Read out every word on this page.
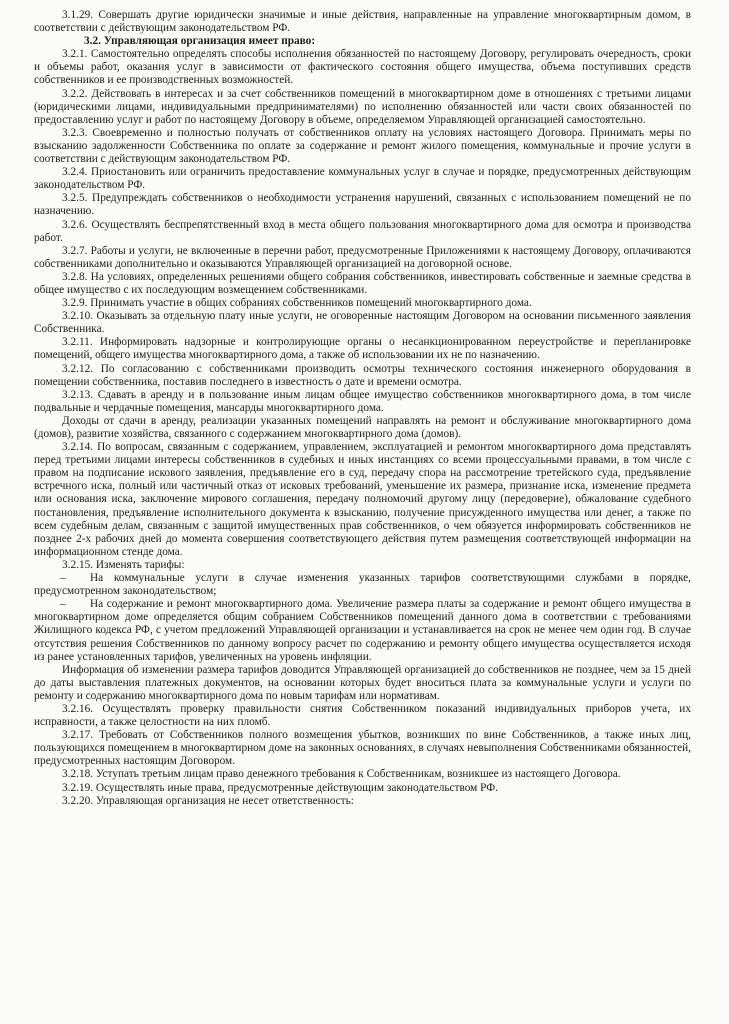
3.1.29. Совершать другие юридически значимые и иные действия, направленные на управление многоквартирным домом, в соответствии с действующим законодательством РФ.

3.2. Управляющая организация имеет право:

3.2.1. Самостоятельно определять способы исполнения обязанностей по настоящему Договору, регулировать очередность, сроки и объемы работ, оказания услуг в зависимости от фактического состояния общего имущества, объема поступивших средств собственников и ее производственных возможностей.

3.2.2. Действовать в интересах и за счет собственников помещений в многоквартирном доме в отношениях с третьими лицами (юридическими лицами, индивидуальными предпринимателями) по исполнению обязанностей или части своих обязанностей по предоставлению услуг и работ по настоящему Договору в объеме, определяемом Управляющей организацией самостоятельно.

3.2.3. Своевременно и полностью получать от собственников оплату на условиях настоящего Договора. Принимать меры по взысканию задолженности Собственника по оплате за содержание и ремонт жилого помещения, коммунальные и прочие услуги в соответствии с действующим законодательством РФ.

3.2.4. Приостановить или ограничить предоставление коммунальных услуг в случае и порядке, предусмотренных действующим законодательством РФ.

3.2.5. Предупреждать собственников о необходимости устранения нарушений, связанных с использованием помещений не по назначению.

3.2.6. Осуществлять беспрепятственный вход в места общего пользования многоквартирного дома для осмотра и производства работ.

3.2.7. Работы и услуги, не включенные в перечни работ, предусмотренные Приложениями к настоящему Договору, оплачиваются собственниками дополнительно и оказываются Управляющей организацией на договорной основе.

3.2.8. На условиях, определенных решениями общего собрания собственников, инвестировать собственные и заемные средства в общее имущество с их последующим возмещением собственниками.

3.2.9. Принимать участие в общих собраниях собственников помещений многоквартирного дома.

3.2.10. Оказывать за отдельную плату иные услуги, не оговоренные настоящим Договором на основании письменного заявления Собственника.

3.2.11. Информировать надзорные и контролирующие органы о несанкционированном переустройстве и перепланировке помещений, общего имущества многоквартирного дома, а также об использовании их не по назначению.

3.2.12. По согласованию с собственниками производить осмотры технического состояния инженерного оборудования в помещении собственника, поставив последнего в известность о дате и времени осмотра.

3.2.13. Сдавать в аренду и в пользование иным лицам общее имущество собственников многоквартирного дома, в том числе подвальные и чердачные помещения, мансарды многоквартирного дома.

Доходы от сдачи в аренду, реализации указанных помещений направлять на ремонт и обслуживание многоквартирного дома (домов), развитие хозяйства, связанного с содержанием многоквартирного дома (домов).

3.2.14. По вопросам, связанным с содержанием, управлением, эксплуатацией и ремонтом многоквартирного дома представлять перед третьими лицами интересы собственников в судебных и иных инстанциях со всеми процессуальными правами, в том числе с правом на подписание искового заявления, предъявление его в суд, передачу спора на рассмотрение третейского суда, предъявление встречного иска, полный или частичный отказ от исковых требований, уменьшение их размера, признание иска, изменение предмета или основания иска, заключение мирового соглашения, передачу полномочий другому лицу (передоверие), обжалование судебного постановления, предъявление исполнительного документа к взысканию, получение присужденного имущества или денег, а также по всем судебным делам, связанным с защитой имущественных прав собственников, о чем обязуется информировать собственников не позднее 2-х рабочих дней до момента совершения соответствующего действия путем размещения соответствующей информации на информационном стенде дома.

3.2.15. Изменять тарифы:

– На коммунальные услуги в случае изменения указанных тарифов соответствующими службами в порядке, предусмотренном законодательством;

– На содержание и ремонт многоквартирного дома. Увеличение размера платы за содержание и ремонт общего имущества в многоквартирном доме определяется общим собранием Собственников помещений данного дома в соответствии с требованиями Жилищного кодекса РФ, с учетом предложений Управляющей организации и устанавливается на срок не менее чем один год. В случае отсутствия решения Собственников по данному вопросу расчет по содержанию и ремонту общего имущества осуществляется исходя из ранее установленных тарифов, увеличенных на уровень инфляции.

Информация об изменении размера тарифов доводится Управляющей организацией до собственников не позднее, чем за 15 дней до даты выставления платежных документов, на основании которых будет вноситься плата за коммунальные услуги и услуги по ремонту и содержанию многоквартирного дома по новым тарифам или нормативам.

3.2.16. Осуществлять проверку правильности снятия Собственником показаний индивидуальных приборов учета, их исправности, а также целостности на них пломб.

3.2.17. Требовать от Собственников полного возмещения убытков, возникших по вине Собственников, а также иных лиц, пользующихся помещением в многоквартирном доме на законных основаниях, в случаях невыполнения Собственниками обязанностей, предусмотренных настоящим Договором.

3.2.18. Уступать третьим лицам право денежного требования к Собственникам, возникшее из настоящего Договора.

3.2.19. Осуществлять иные права, предусмотренные действующим законодательством РФ.

3.2.20. Управляющая организация не несет ответственность:
